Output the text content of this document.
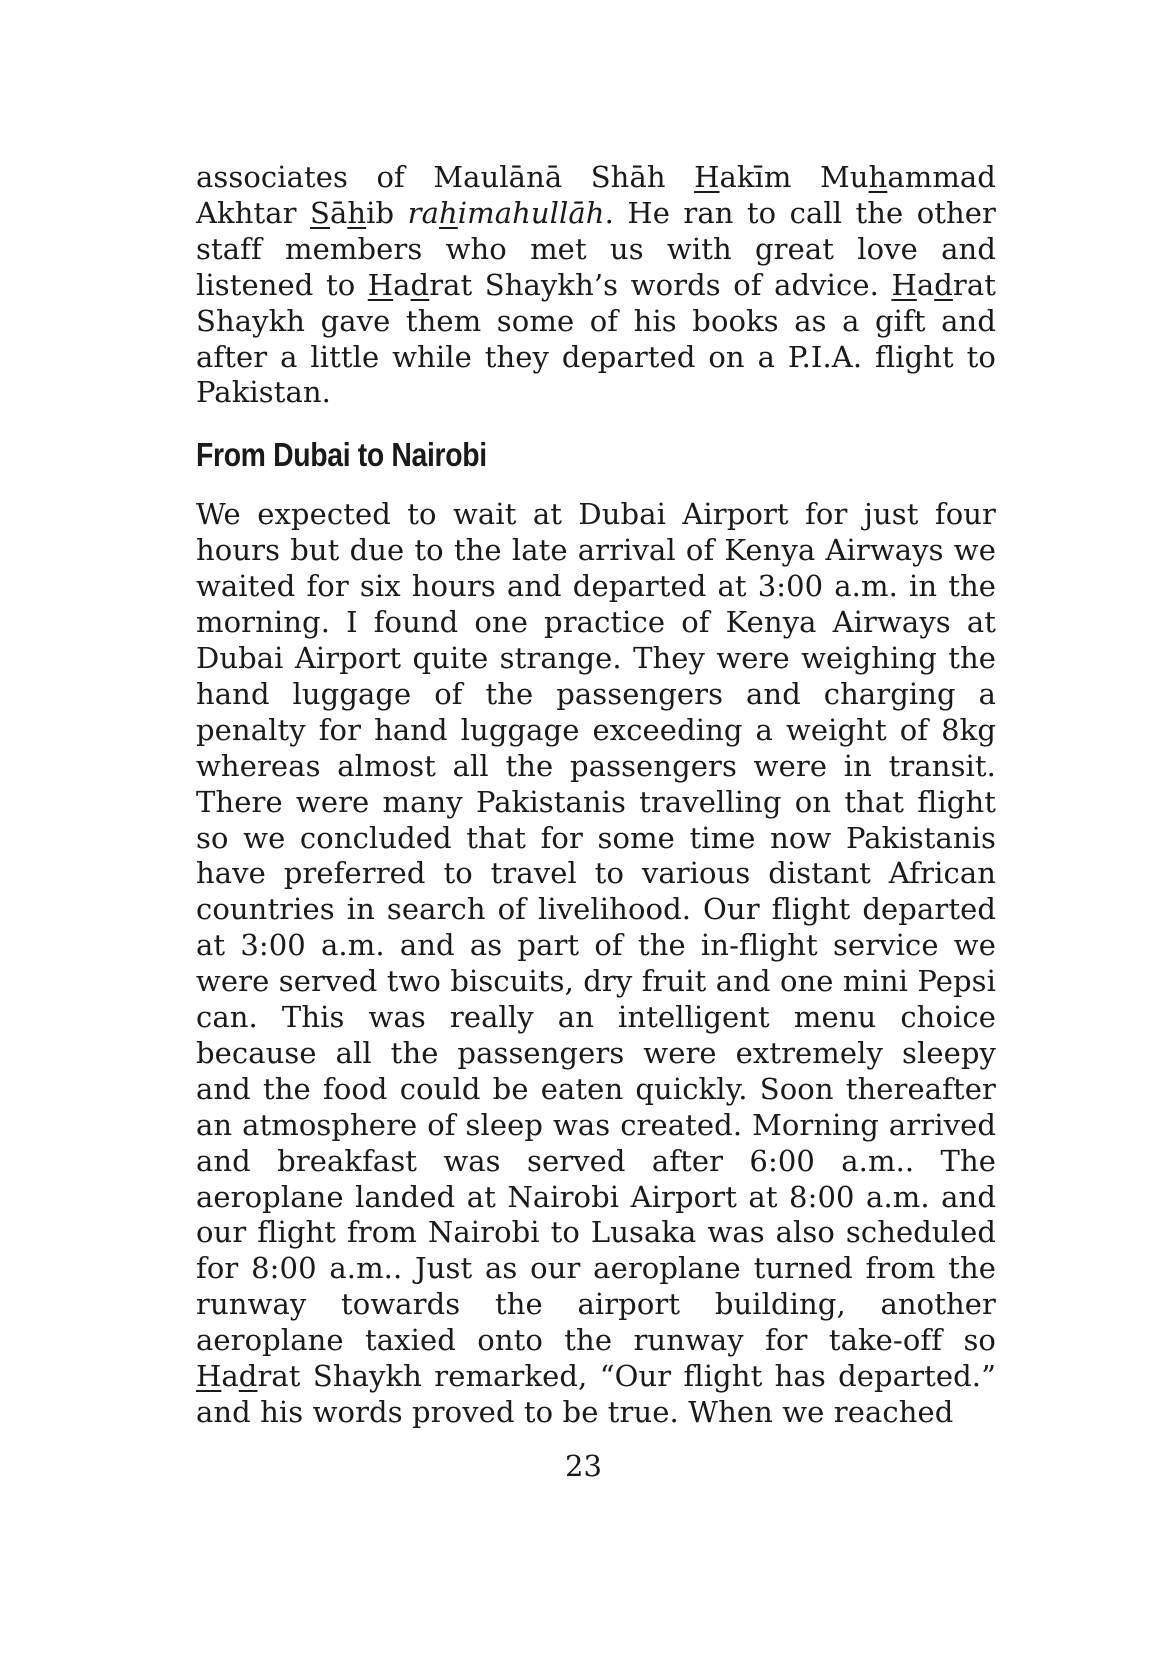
associates of Maulānā Shāh Hakīm Muhammad Akhtar Sāhib rahimahullāh. He ran to call the other staff members who met us with great love and listened to Hadrat Shaykh’s words of advice. Hadrat Shaykh gave them some of his books as a gift and after a little while they departed on a P.I.A. flight to Pakistan.

From Dubai to Nairobi

We expected to wait at Dubai Airport for just four hours but due to the late arrival of Kenya Airways we waited for six hours and departed at 3:00 a.m. in the morning. I found one practice of Kenya Airways at Dubai Airport quite strange. They were weighing the hand luggage of the passengers and charging a penalty for hand luggage exceeding a weight of 8kg whereas almost all the passengers were in transit. There were many Pakistanis travelling on that flight so we concluded that for some time now Pakistanis have preferred to travel to various distant African countries in search of livelihood. Our flight departed at 3:00 a.m. and as part of the in-flight service we were served two biscuits, dry fruit and one mini Pepsi can. This was really an intelligent menu choice because all the passengers were extremely sleepy and the food could be eaten quickly. Soon thereafter an atmosphere of sleep was created. Morning arrived and breakfast was served after 6:00 a.m.. The aeroplane landed at Nairobi Airport at 8:00 a.m. and our flight from Nairobi to Lusaka was also scheduled for 8:00 a.m.. Just as our aeroplane turned from the runway towards the airport building, another aeroplane taxied onto the runway for take-off so Hadrat Shaykh remarked, “Our flight has departed.” and his words proved to be true. When we reached

23
